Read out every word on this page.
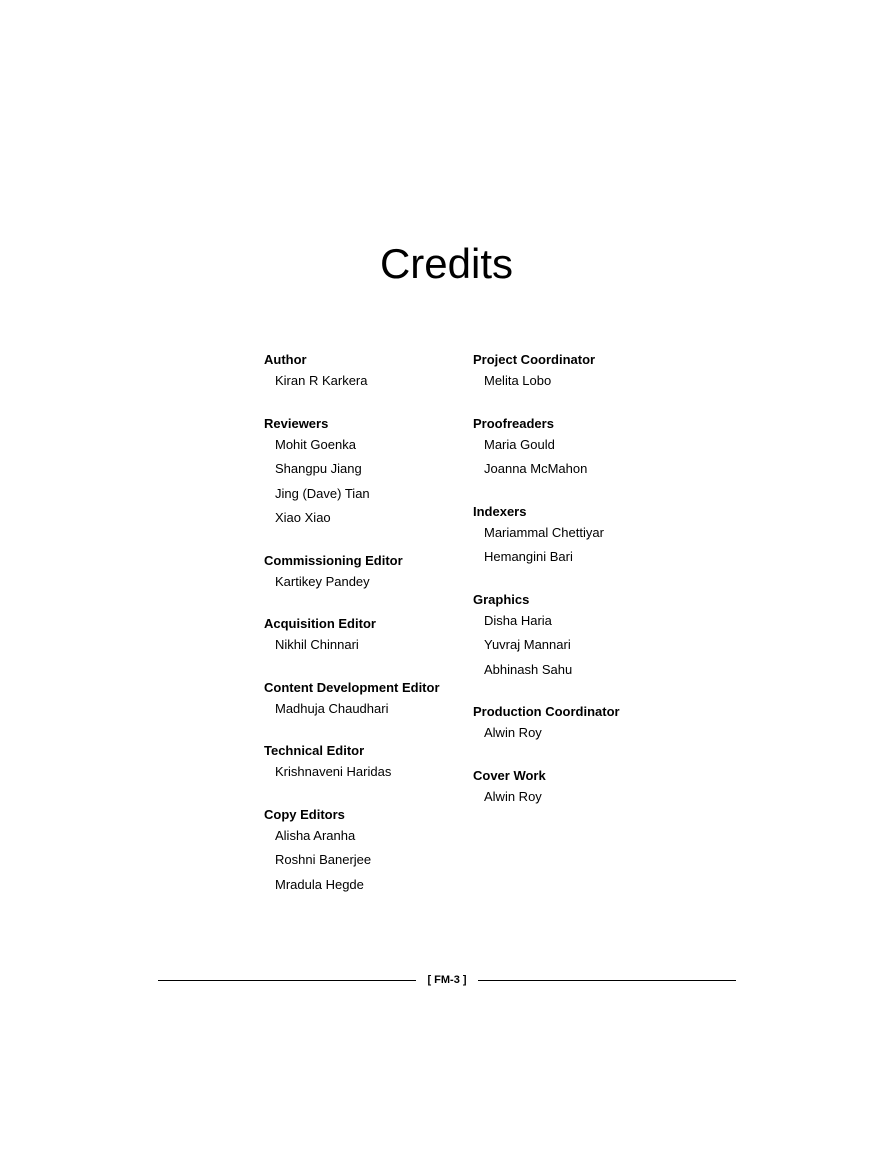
Credits
Author
Kiran R Karkera
Reviewers
Mohit Goenka
Shangpu Jiang
Jing (Dave) Tian
Xiao Xiao
Commissioning Editor
Kartikey Pandey
Acquisition Editor
Nikhil Chinnari
Content Development Editor
Madhuja Chaudhari
Technical Editor
Krishnaveni Haridas
Copy Editors
Alisha Aranha
Roshni Banerjee
Mradula Hegde
Project Coordinator
Melita Lobo
Proofreaders
Maria Gould
Joanna McMahon
Indexers
Mariammal Chettiyar
Hemangini Bari
Graphics
Disha Haria
Yuvraj Mannari
Abhinash Sahu
Production Coordinator
Alwin Roy
Cover Work
Alwin Roy
[ FM-3 ]
